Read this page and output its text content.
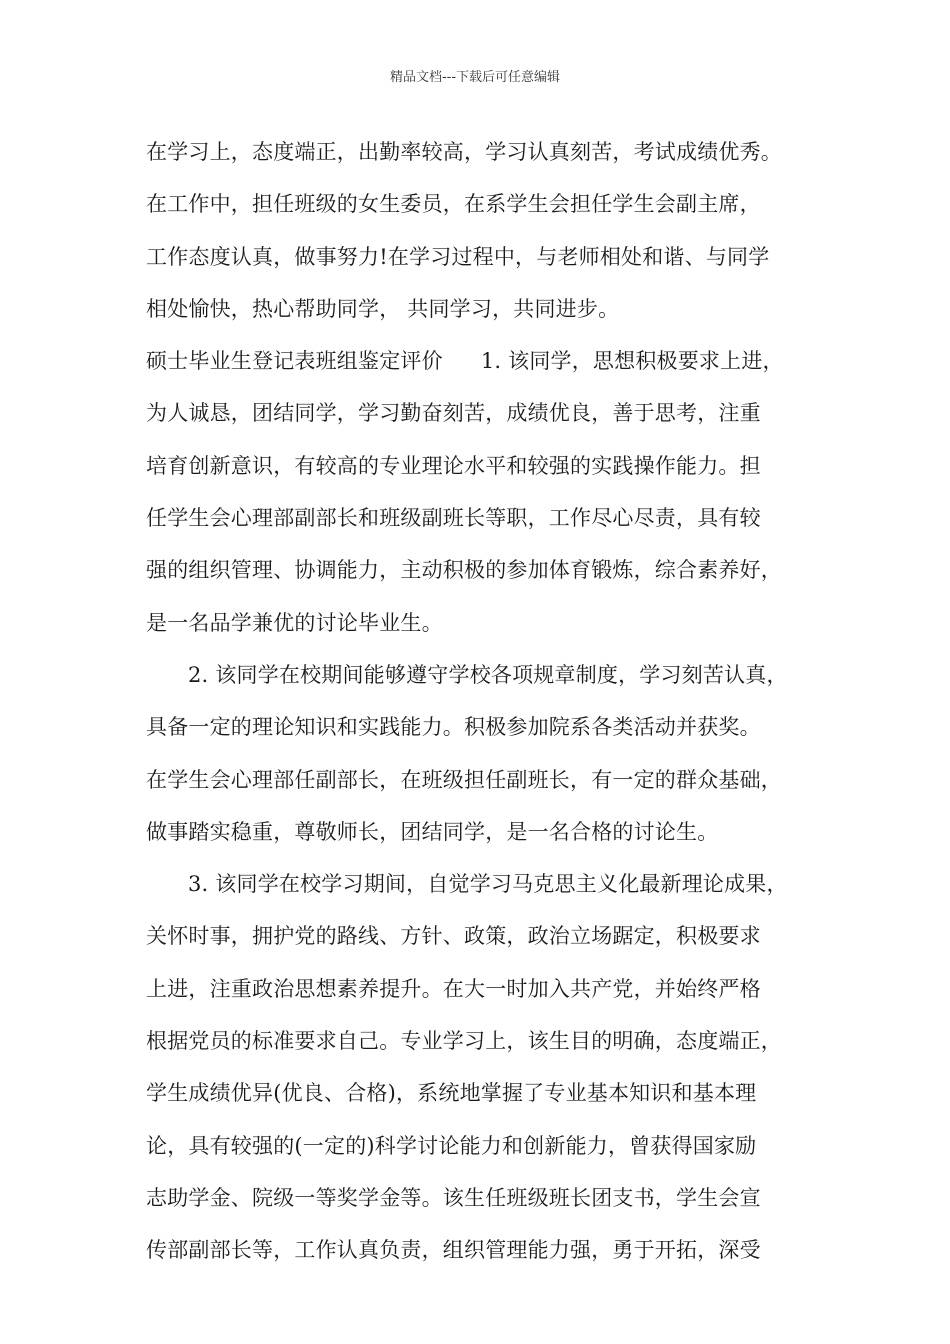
精品文档---下载后可任意编辑
在学习上，态度端正，出勤率较高，学习认真刻苦，考试成绩优秀。
在工作中，担任班级的女生委员，在系学生会担任学生会副主席，
工作态度认真，做事努力!在学习过程中，与老师相处和谐、与同学
相处愉快，热心帮助同学， 共同学习，共同进步。
硕士毕业生登记表班组鉴定评价 1. 该同学，思想积极要求上进，
为人诚恳，团结同学，学习勤奋刻苦，成绩优良，善于思考，注重
培育创新意识，有较高的专业理论水平和较强的实践操作能力。担
任学生会心理部副部长和班级副班长等职，工作尽心尽责，具有较
强的组织管理、协调能力，主动积极的参加体育锻炼，综合素养好，
是一名品学兼优的讨论毕业生。
2. 该同学在校期间能够遵守学校各项规章制度，学习刻苦认真，
具备一定的理论知识和实践能力。积极参加院系各类活动并获奖。
在学生会心理部任副部长，在班级担任副班长，有一定的群众基础，
做事踏实稳重，尊敬师长，团结同学，是一名合格的讨论生。
3. 该同学在校学习期间，自觉学习马克思主义化最新理论成果，
关怀时事，拥护党的路线、方针、政策，政治立场踞定，积极要求
上进，注重政治思想素养提升。在大一时加入共产党，并始终严格
根据党员的标准要求自己。专业学习上，该生目的明确，态度端正，
学生成绩优异(优良、合格)，系统地掌握了专业基本知识和基本理
论，具有较强的(一定的)科学讨论能力和创新能力，曾获得国家励
志助学金、院级一等奖学金等。该生任班级班长团支书，学生会宣
传部副部长等，工作认真负责，组织管理能力强，勇于开拓，深受
